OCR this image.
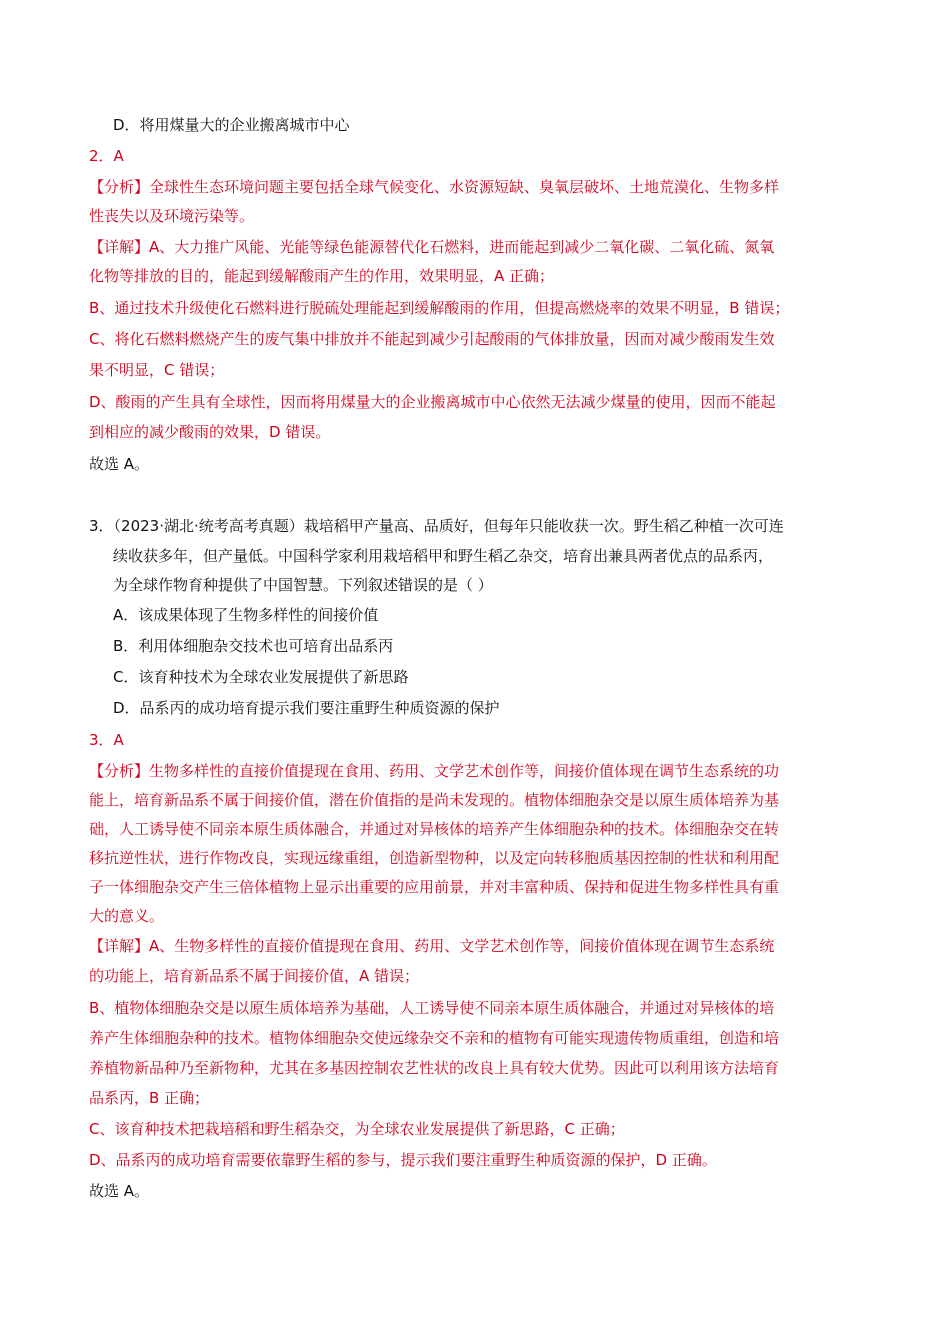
D．将用煤量大的企业搬离城市中心
2．A
【分析】全球性生态环境问题主要包括全球气候变化、水资源短缺、臭氧层破坏、土地荒漠化、生物多样
性丧失以及环境污染等。
【详解】A、大力推广风能、光能等绿色能源替代化石燃料，进而能起到减少二氧化碳、二氧化硫、氮氧
化物等排放的目的，能起到缓解酸雨产生的作用，效果明显，A 正确；
B、通过技术升级使化石燃料进行脱硫处理能起到缓解酸雨的作用，但提高燃烧率的效果不明显，B 错误；
C、将化石燃料燃烧产生的废气集中排放并不能起到减少引起酸雨的气体排放量，因而对减少酸雨发生效
果不明显，C 错误；
D、酸雨的产生具有全球性，因而将用煤量大的企业搬离城市中心依然无法减少煤量的使用，因而不能起
到相应的减少酸雨的效果，D 错误。
故选 A。
3．（2023·湖北·统考高考真题）栽培稻甲产量高、品质好，但每年只能收获一次。野生稻乙种植一次可连
续收获多年，但产量低。中国科学家利用栽培稻甲和野生稻乙杂交，培育出兼具两者优点的品系丙，
为全球作物育种提供了中国智慧。下列叙述错误的是（ ）
A．该成果体现了生物多样性的间接价值
B．利用体细胞杂交技术也可培育出品系丙
C．该育种技术为全球农业发展提供了新思路
D．品系丙的成功培育提示我们要注重野生种质资源的保护
3．A
【分析】生物多样性的直接价值提现在食用、药用、文学艺术创作等，间接价值体现在调节生态系统的功
能上，培育新品系不属于间接价值，潜在价值指的是尚未发现的。植物体细胞杂交是以原生质体培养为基
础，人工诱导使不同亲本原生质体融合，并通过对异核体的培养产生体细胞杂种的技术。体细胞杂交在转
移抗逆性状，进行作物改良，实现远缘重组，创造新型物种，以及定向转移胞质基因控制的性状和利用配
子一体细胞杂交产生三倍体植物上显示出重要的应用前景，并对丰富种质、保持和促进生物多样性具有重
大的意义。
【详解】A、生物多样性的直接价值提现在食用、药用、文学艺术创作等，间接价值体现在调节生态系统
的功能上，培育新品系不属于间接价值，A 错误；
B、植物体细胞杂交是以原生质体培养为基础，人工诱导使不同亲本原生质体融合，并通过对异核体的培
养产生体细胞杂种的技术。植物体细胞杂交使远缘杂交不亲和的植物有可能实现遗传物质重组，创造和培
养植物新品种乃至新物种，尤其在多基因控制农艺性状的改良上具有较大优势。因此可以利用该方法培育
品系丙，B 正确；
C、该育种技术把栽培稻和野生稻杂交，为全球农业发展提供了新思路，C 正确；
D、品系丙的成功培育需要依靠野生稻的参与，提示我们要注重野生种质资源的保护，D 正确。
故选 A。
